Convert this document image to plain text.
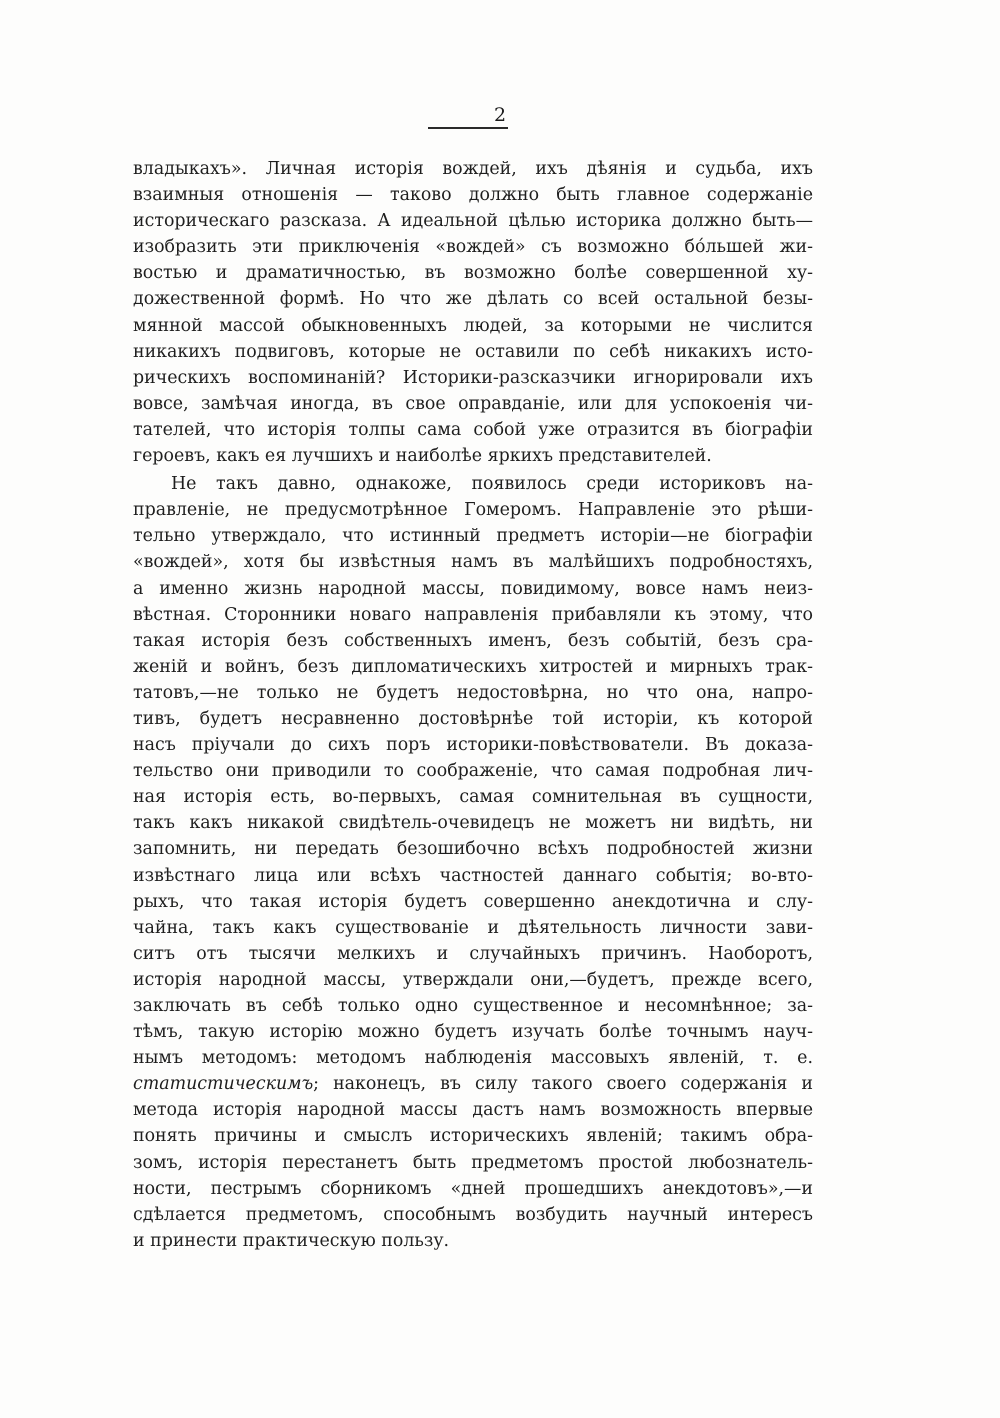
2
владыкахъ». Личная исторія вождей, ихъ дѣянія и судьба, ихъ
взаимныя отношенія — таково должно быть главное содержаніе
историческаго разсказа. А идеальной цѣлью историка должно быть—
изобразить эти приключенія «вождей» съ возможно бо́льшей жи-
востью и драматичностью, въ возможно болѣе совершенной ху-
дожественной формѣ. Но что же дѣлать со всей остальной безы-
мянной массой обыкновенныхъ людей, за которыми не числится
никакихъ подвиговъ, которые не оставили по себѣ никакихъ исто-
рическихъ воспоминаній? Историки-разсказчики игнорировали ихъ
вовсе, замѣчая иногда, въ свое оправданіе, или для успокоенія чи-
тателей, что исторія толпы сама собой уже отразится въ біографіи
героевъ, какъ ея лучшихъ и наиболѣе яркихъ представителей.
Не такъ давно, однакоже, появилось среди историковъ на-
правленіе, не предусмотрѣнное Гомеромъ. Направленіе это рѣши-
тельно утверждало, что истинный предметъ исторіи—не біографіи
«вождей», хотя бы извѣстныя намъ въ малѣйшихъ подробностяхъ,
а именно жизнь народной массы, повидимому, вовсе намъ неиз-
вѣстная. Сторонники новаго направленія прибавляли къ этому, что
такая исторія безъ собственныхъ именъ, безъ событій, безъ сра-
женій и войнъ, безъ дипломатическихъ хитростей и мирныхъ трак-
татовъ,—не только не будетъ недостовѣрна, но что она, напро-
тивъ, будетъ несравненно достовѣрнѣе той исторіи, къ которой
насъ пріучали до сихъ поръ историки-повѣствователи. Въ доказа-
тельство они приводили то соображеніе, что самая подробная лич-
ная исторія есть, во-первыхъ, самая сомнительная въ сущности,
такъ какъ никакой свидѣтель-очевидецъ не можетъ ни видѣть, ни
запомнить, ни передать безошибочно всѣхъ подробностей жизни
извѣстнаго лица или всѣхъ частностей даннаго событія; во-вто-
рыхъ, что такая исторія будетъ совершенно анекдотична и слу-
чайна, такъ какъ существованіе и дѣятельность личности зави-
ситъ отъ тысячи мелкихъ и случайныхъ причинъ. Наоборотъ,
исторія народной массы, утверждали они,—будетъ, прежде всего,
заключать въ себѣ только одно существенное и несомнѣнное; за-
тѣмъ, такую исторію можно будетъ изучать болѣе точнымъ науч-
нымъ методомъ: методомъ наблюденія массовыхъ явленій, т. е.
статистическимъ; наконецъ, въ силу такого своего содержанія и
метода исторія народной массы дастъ намъ возможность впервые
понять причины и смыслъ историческихъ явленій; такимъ обра-
зомъ, исторія перестанетъ быть предметомъ простой любознатель-
ности, пестрымъ сборникомъ «дней прошедшихъ анекдотовъ»,—и
сдѣлается предметомъ, способнымъ возбудить научный интересъ
и принести практическую пользу.
